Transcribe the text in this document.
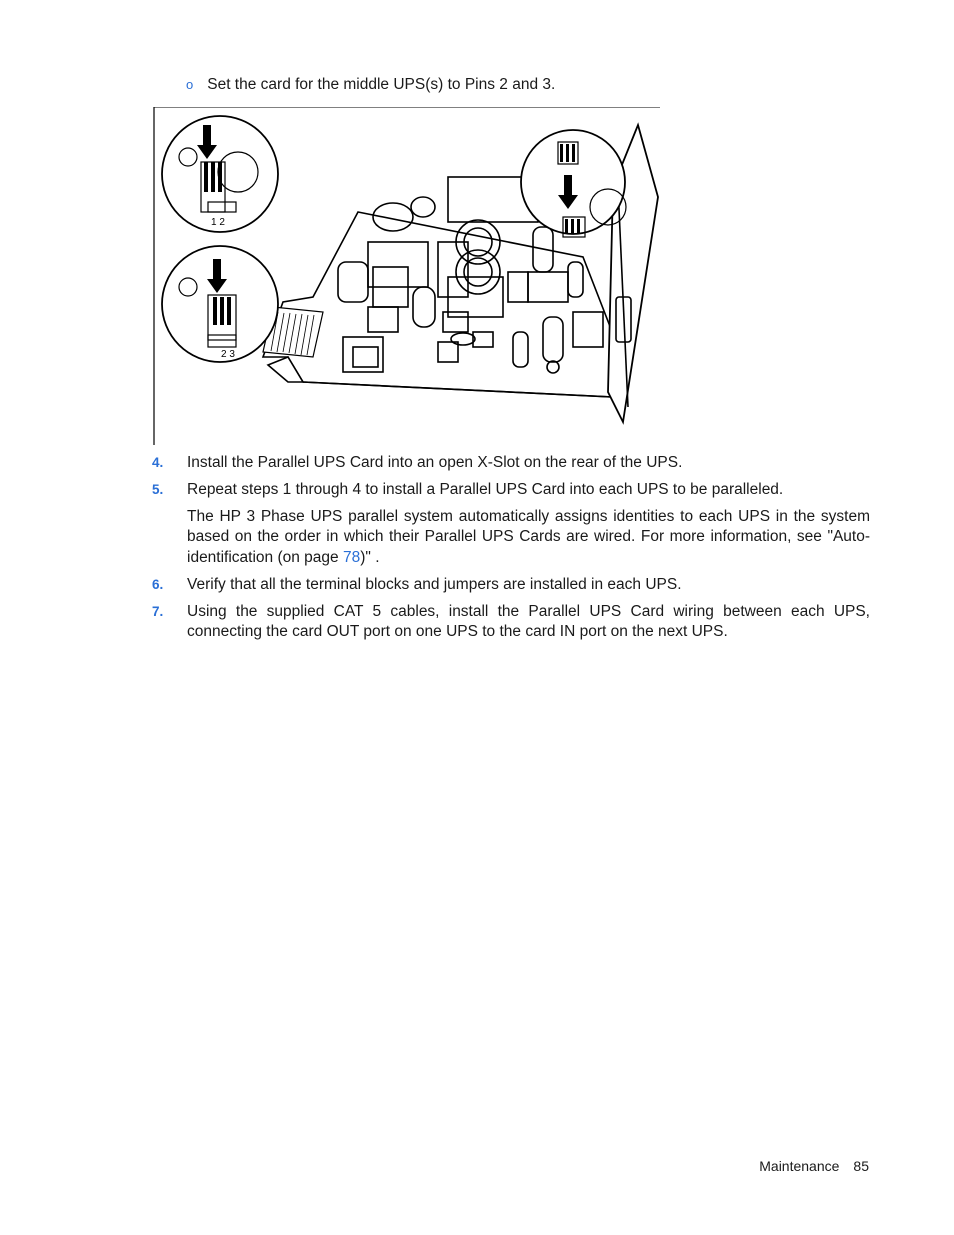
o Set the card for the middle UPS(s) to Pins 2 and 3.
1 2
2 3
4. Install the Parallel UPS Card into an open X-Slot on the rear of the UPS.
5. Repeat steps 1 through 4 to install a Parallel UPS Card into each UPS to be paralleled.
The HP 3 Phase UPS parallel system automatically assigns identities to each UPS in the system based on the order in which their Parallel UPS Cards are wired. For more information, see "Auto-identification (on page 78)" .
6. Verify that all the terminal blocks and jumpers are installed in each UPS.
7. Using the supplied CAT 5 cables, install the Parallel UPS Card wiring between each UPS, connecting the card OUT port on one UPS to the card IN port on the next UPS.
Maintenance 85
